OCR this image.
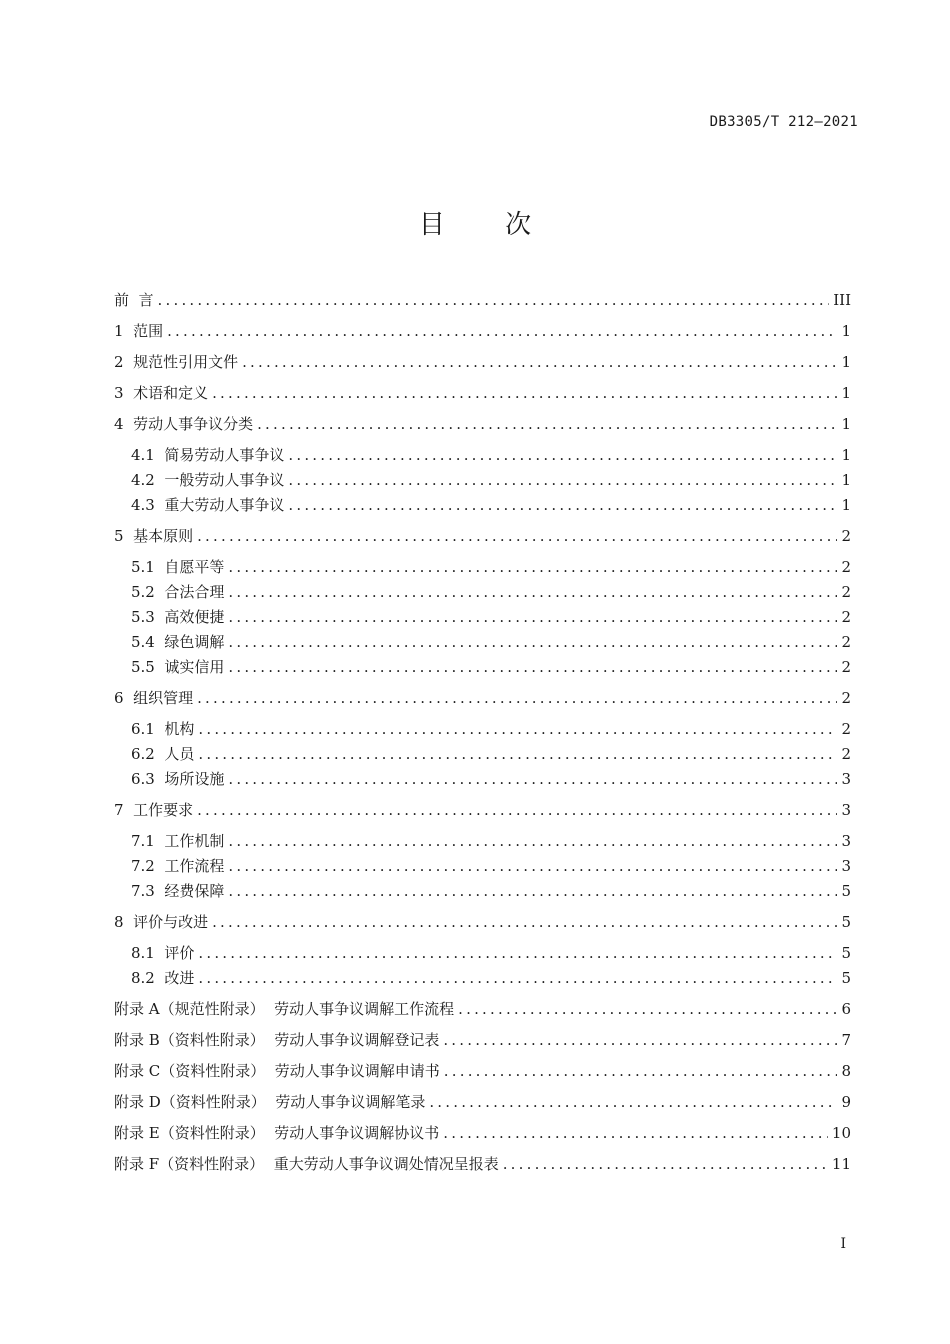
DB3305/T 212—2021
目 次
前  言 .....	III
1  范围 .....	1
2  规范性引用文件 .....	1
3  术语和定义 .....	1
4  劳动人事争议分类 .....	1
4.1  简易劳动人事争议 .....	1
4.2  一般劳动人事争议 .....	1
4.3  重大劳动人事争议 .....	1
5  基本原则 .....	2
5.1  自愿平等 .....	2
5.2  合法合理 .....	2
5.3  高效便捷 .....	2
5.4  绿色调解 .....	2
5.5  诚实信用 .....	2
6  组织管理 .....	2
6.1  机构 .....	2
6.2  人员 .....	2
6.3  场所设施 .....	3
7  工作要求 .....	3
7.1  工作机制 .....	3
7.2  工作流程 .....	3
7.3  经费保障 .....	5
8  评价与改进 .....	5
8.1  评价 .....	5
8.2  改进 .....	5
附录 A（规范性附录）  劳动人事争议调解工作流程 .....	6
附录 B（资料性附录）  劳动人事争议调解登记表 .....	7
附录 C（资料性附录）  劳动人事争议调解申请书 .....	8
附录 D（资料性附录）  劳动人事争议调解笔录 .....	9
附录 E（资料性附录）  劳动人事争议调解协议书 .....	10
附录 F（资料性附录）  重大劳动人事争议调处情况呈报表 .....	11
I
